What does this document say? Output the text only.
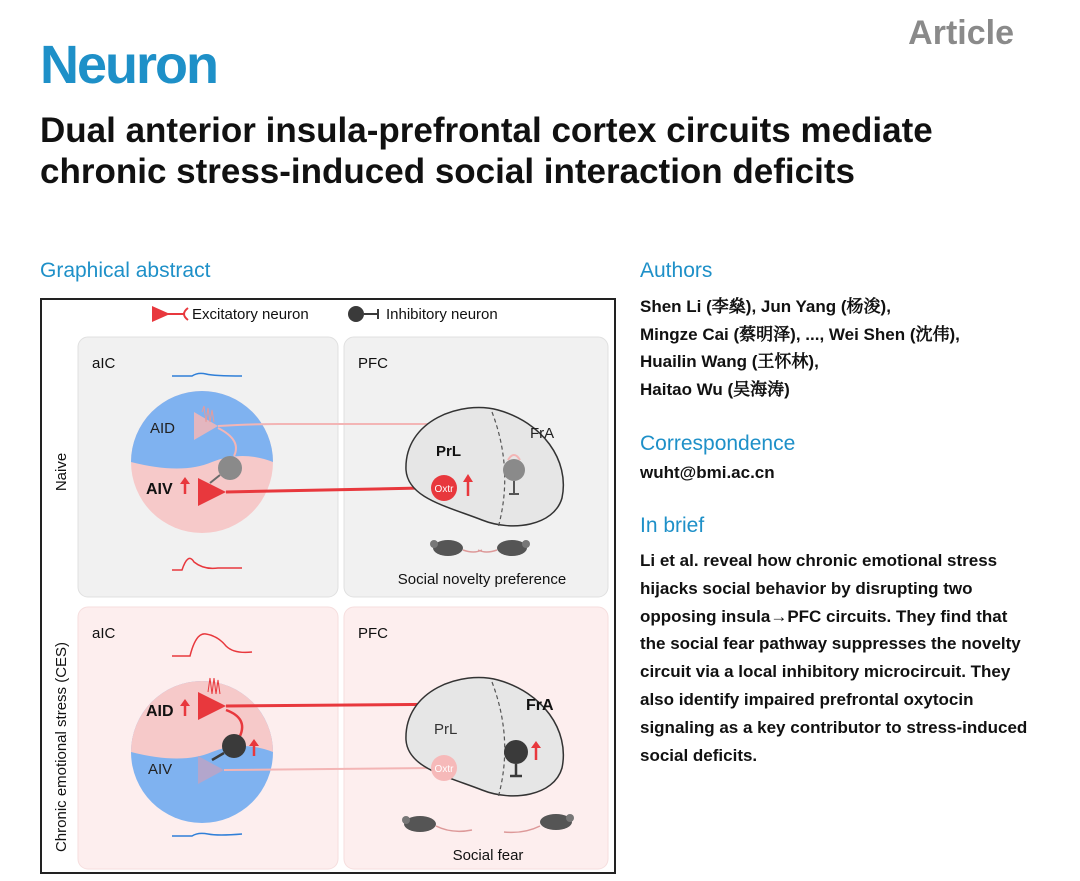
Neuron
Article
Dual anterior insula-prefrontal cortex circuits mediate chronic stress-induced social interaction deficits
Graphical abstract
Excitatory neuron	Inhibitory neuron
Naive
Chronic emotional stress (CES)
aIC	PFC
AID
AIV
PrL
FrA
Oxtr
Social novelty preference
aIC	PFC
AID
AIV
PrL
FrA
Oxtr
Social fear
Authors
Shen Li (李燊), Jun Yang (杨浚),
Mingze Cai (蔡明泽), ..., Wei Shen (沈伟),
Huailin Wang (王怀林),
Haitao Wu (吴海涛)
Correspondence
wuht@bmi.ac.cn
In brief
Li et al. reveal how chronic emotional stress hijacks social behavior by disrupting two opposing insula→PFC circuits. They find that the social fear pathway suppresses the novelty circuit via a local inhibitory microcircuit. They also identify impaired prefrontal oxytocin signaling as a key contributor to stress-induced social deficits.
